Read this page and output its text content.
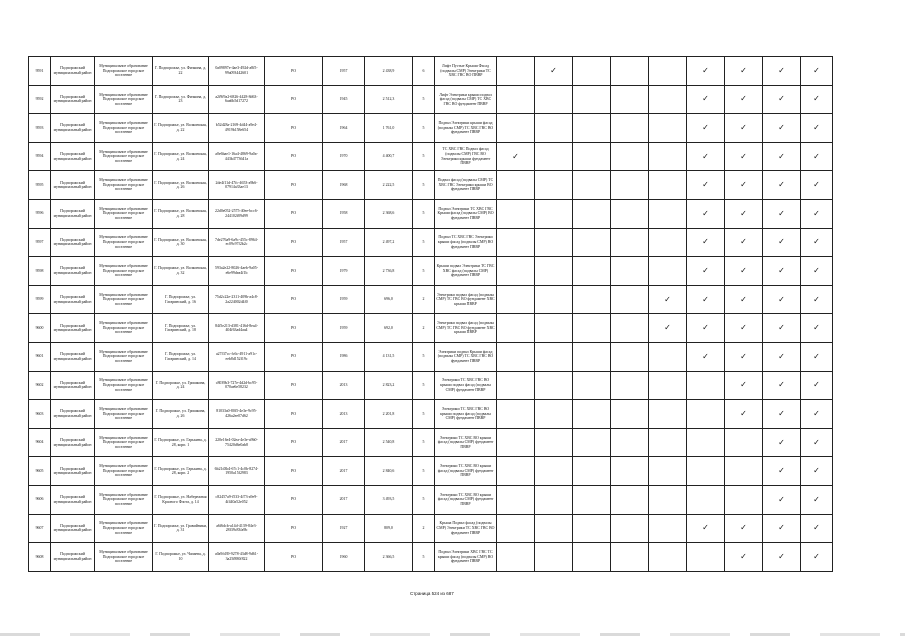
9591	Подпорожский муниципальный район	Муниципальное образование Подпорожское городское поселение	Г. Подпорожье, ул. Физкина, д. 22	0a09897e-4ae3-492d-a8f5-99a093442601	РО	1957	2 438,9	6	Лифт Пустые Крыши Фасад (подвалы СМР) Электрики ТС ХВС ГВС ВО ПВВР		✓				✓	✓	✓	✓
9592	Подпорожский муниципальный район	Муниципальное образование Подпорожское городское поселение	Г. Подпорожье, ул. Физкина, д. 23	a2f9f9a2-6826-4428-8d63-6aa6b5d17272	РО	1945	2 512,3	5	Лифт Электрики крыши подвал фасад (подвалы СМР) ТС ХВС ГВС ВО фундамент ПВВР						✓	✓	✓	✓
9593	Подпорожский муниципальный район	Муниципальное образование Подпорожское городское поселение	Г. Подпорожье, ул. Волкинская, д. 22	b52d28a-2169-4d44-a9e4-4919b158e654	РО	1964	1 761,0	5	Подвал Электрики крыши фасад (подвалы СМР) ТС ХВС ГВС ВО фундамент ПВВР						✓	✓	✓	✓
9594	Подпорожский муниципальный район	Муниципальное образование Подпорожское городское поселение	Г. Подпорожье, ул. Волкинская, д. 24	a0e6bae1-16a4-4869-9a0a-443b4773641a	РО	1970	4 400,7	5	ТС ХВС ГВС Подвал фасад (подвалы СМР) ГВС ВО Электрики крыши фундамент ПВВР	✓					✓	✓	✓	✓
9595	Подпорожский муниципальный район	Муниципальное образование Подпорожское городское поселение	Г. Подпорожье, ул. Волкинская, д. 26	2de4f11d-47fc-4653-a9b6-07914a33ae13	РО	1968	2 222,5	5	Подвал фасад (подвалы СМР) ТС ХВС ГВС Электрики крыши ВО фундамент ПВВР						✓	✓	✓	✓
9596	Подпорожский муниципальный район	Муниципальное образование Подпорожское городское поселение	Г. Подпорожье, ул. Волкинская, д. 28	22d0e052-2575-40ee-bcc6-244102f09d99	РО	1958	2 368,6	5	Подвал Электрики ТС ХВС ГВС Крыши фасад (подвалы СМР) ВО фундамент ПВВР						✓	✓	✓	✓
9597	Подпорожский муниципальный район	Муниципальное образование Подпорожское городское поселение	Г. Подпорожье, ул. Волкинская, д. 30	7de276a9-6a9c-455c-8964-ec09c97f2b2c	РО	1957	2 497,2	5	Подвал ТС ХВС ГВС Электрики крыши фасад (подвалы СМР) ВО фундамент ПВВР						✓	✓	✓	✓
9598	Подпорожский муниципальный район	Муниципальное образование Подпорожское городское поселение	Г. Подпорожье, ул. Волкинская, д. 32	593a2e22-8026-4aeb-9a05-e6e99dea4f1b	РО	1979	2 736,8	5	Крыши подвал Электрики ТС ГВС ХВС фасад (подвалы СМР) фундамент ПВВР						✓	✓	✓	✓
9599	Подпорожский муниципальный район	Муниципальное образование Подпорожское городское поселение	Г. Подпорожье, ул. Гагаринский, д. 16	75d2c22e-2311-409b-a4c8-2a224002d4f0	РО	1959	696,0	2	Электрики подвал фасад (подвалы СМР) ТС ГВС ВО фундамент ХВС крыши ПВВР					✓	✓	✓	✓	✓
9600	Подпорожский муниципальный район	Муниципальное образование Подпорожское городское поселение	Г. Подпорожье, ул. Гагаринский, д. 18	84f5e213-d381-416d-8ea4-404f63ad4aa4	РО	1959	692,0	2	Электрики подвал фасад (подвалы СМР) ТС ГВС ВО фундамент ХВС крыши ПВВР					✓	✓	✓	✓	✓
9601	Подпорожский муниципальный район	Муниципальное образование Подпорожское городское поселение	Г. Подпорожье, ул. Гагаринский, д. 14	a27f37cc-fc6c-4911-a91c-eeb8d152f19c	РО	1986	4 131,5	5	Электрики подвал Крыши фасад (подвалы СМР) ТС ХВС ГВС ВО фундамент ПВВР						✓	✓	✓	✓
9602	Подпорожский муниципальный район	Муниципальное образование Подпорожское городское поселение	Г. Подпорожье, ул. Гришкина, д. 24	c8039b3-727e-4d2d-bc95-070ae6e58232	РО	2013	2 823,2	5	Электрики ТС ХВС ГВС ВО крыши подвал фасад (подвалы СМР) фундамент ПВВР							✓	✓	✓
9603	Подпорожский муниципальный район	Муниципальное образование Подпорожское городское поселение	Г. Подпорожье, ул. Гришкина, д. 26	81033a0-80f5-4e3e-9c95-426a2ee07d62	РО	2013	2 201,8	5	Электрики ТС ХВС ГВС ВО крыши подвал фасад (подвалы СМР) фундамент ПВВР							✓	✓	✓
9604	Подпорожский муниципальный район	Муниципальное образование Подпорожское городское поселение	Г. Подпорожье, ул. Гарькина, д. 28, корп. 1	220e16e4-02ea-4e3e-a9b0-75420d6e0ab8	РО	2017	2 540,8	5	Электрики ТС ХВС ВО крыши фасад (подвалы СМР) фундамент ПВВР								✓	✓
9605	Подпорожский муниципальный район	Муниципальное образование Подпорожское городское поселение	Г. Подпорожье, ул. Гарькина, д. 28, корп. 2	6b21d3b4-67c1-4c0b-8274-1950a15f2983	РО	2017	2 840,6	5	Электрики ТС ХВС ВО крыши фасад (подвалы СМР) фундамент ПВВР								✓	✓
9606	Подпорожский муниципальный район	Муниципальное образование Подпорожское городское поселение	Г. Подпорожье, ул. Набережная Красного Флота, д. 14	c82457a9-f533-4f73-a9e9-4f440a52e052	РО	2017	3 493,5	5	Электрики ТС ХВС ВО крыши фасад (подвалы СМР) фундамент ПВВР								✓	✓
9607	Подпорожский муниципальный район	Муниципальное образование Подпорожское городское поселение	Г. Подпорожье, ул. Гравийники, д. 31	a6f6dcb-a14d-4139-84e3-28f39c83fa9b	РО	1927	809,0	2	Крыша Подвал фасад (подвалы СМР) Электрики ТС ХВС ГВС ВО фундамент ПВВР						✓	✓	✓	✓
9608	Подпорожский муниципальный район	Муниципальное образование Подпорожское городское поселение	Г. Подпорожье, ул. Чапаева, д. 10	a0a9fd39-9278-43d8-9d61-3a25f880f822	РО	1960	2 366,5	5	Подвал Электрики ХВС ГВС ТС крыши фасад (подвалы СМР) ВО фундамент ПВВР							✓	✓	✓
Страница 524 из 687
